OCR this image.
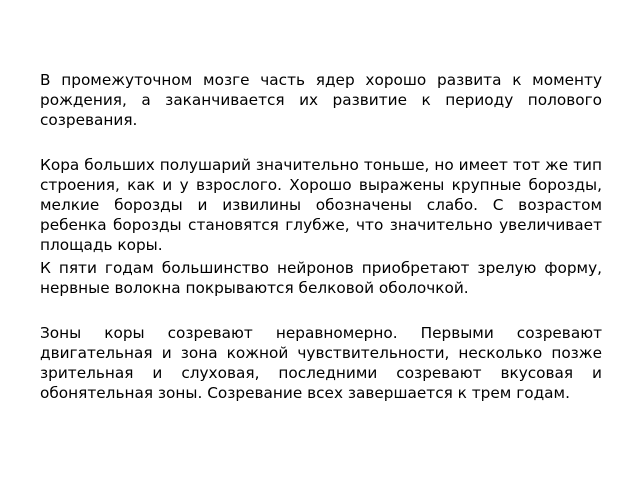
В промежуточном мозге часть ядер хорошо развита к моменту рождения, а заканчивается их развитие к периоду полового созревания.

Кора больших полушарий значительно тоньше, но имеет тот же тип строения, как и у взрослого. Хорошо выражены крупные борозды, мелкие борозды и извилины обозначены слабо. С возрастом ребенка борозды становятся глубже, что значительно увеличивает площадь коры.

К пяти годам большинство нейронов приобретают зрелую форму, нервные волокна покрываются белковой оболочкой.

Зоны коры созревают неравномерно. Первыми созревают двигательная и зона кожной чувствительности, несколько позже зрительная и слуховая, последними созревают вкусовая и обонятельная зоны. Созревание всех завершается к трем годам.
